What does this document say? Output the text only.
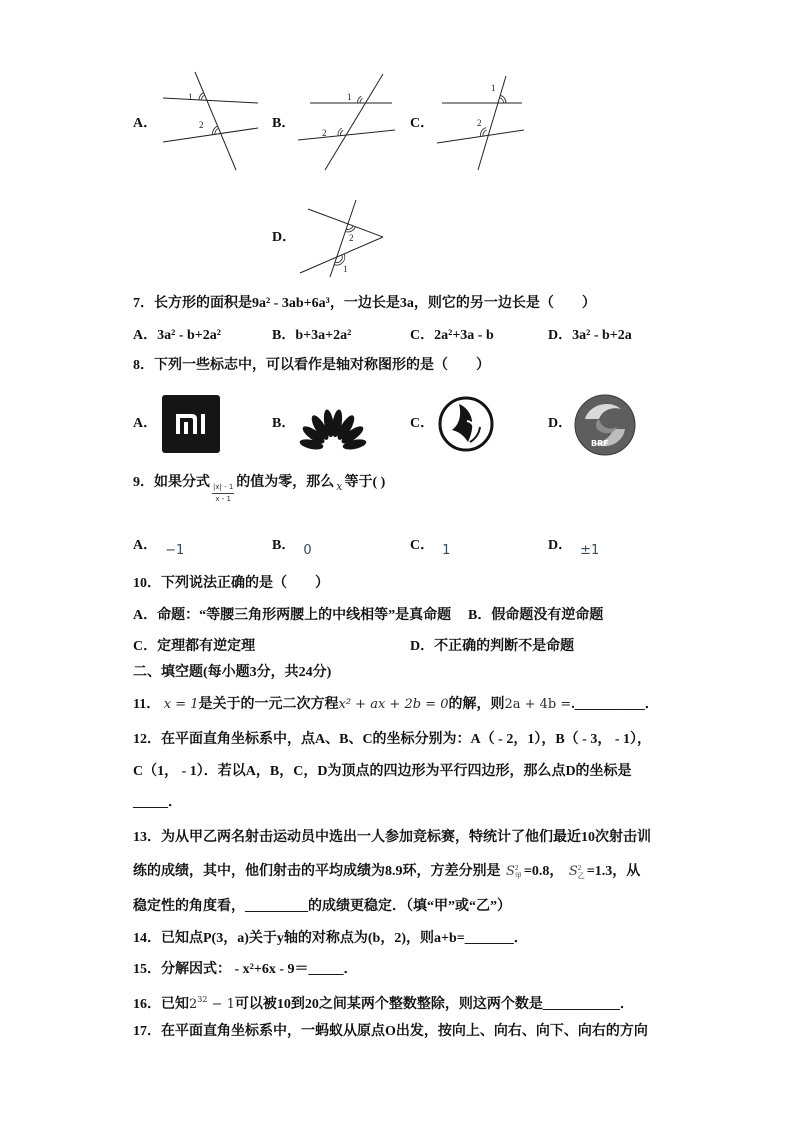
A．
1
2	B．
1
2
C．
1
2
D．
1
2
7．长方形的面积是9a² - 3ab+6a³，一边长是3a，则它的另一边长是（　　）
A．3a² - b+2a²	B．b+3a+2a²	C．2a²+3a - b	D．3a² - b+2a
8．下列一些标志中，可以看作是轴对称图形的是（　　）
A．	B．	C．	D．
BRF
9．如果分式
$\frac{|x| - 1}{x - 1}$
的值为零，那么 x 等于( )
A． −1	B． 0	C． 1	D． ±1
10．下列说法正确的是（　　）
A．命题：“等腰三角形两腰上的中线相等”是真命题 B．假命题没有逆命题
C．定理都有逆定理	D．不正确的判断不是命题
二、填空题(每小题3分，共24分)
11． x = 1是关于的一元二次方程x² + ax + 2b = 0的解，则2a + 4b =.__________．
12．在平面直角坐标系中，点A、B、C的坐标分别为：A（ - 2，1），B（ - 3， - 1），
C（1， - 1）．若以A，B，C，D为顶点的四边形为平行四边形，那么点D的坐标是
_____．
13．为从甲乙两名射击运动员中选出一人参加竞标赛，特统计了他们最近10次射击训
练的成绩，其中，他们射击的平均成绩为8.9环，方差分别是 S 2
甲 =0.8， S 2
乙 =1.3，从
稳定性的角度看，_________的成绩更稳定．（填“甲”或“乙”）
14．已知点P(3，a)关于y轴的对称点为(b，2)，则a+b=_______．
15．分解因式： - x²+6x - 9＝_____．
16．已知$2^{32} - 1$可以被10到20之间某两个整数整除，则这两个数是___________．
17．在平面直角坐标系中，一蚂蚁从原点O出发，按向上、向右、向下、向右的方向
